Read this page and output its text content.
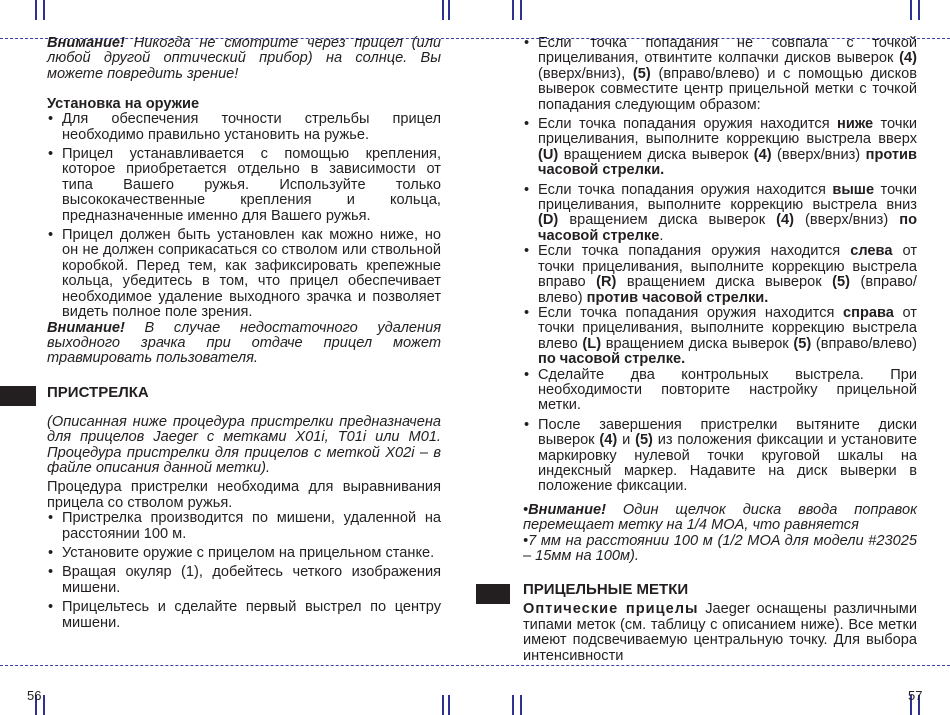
Внимание! Никогда не смотрите через прицел (или любой другой оптический прибор) на солнце. Вы можете повредить зрение!

Установка на оружие

• Для обеспечения точности стрельбы прицел необходимо правильно установить на ружье.

• Прицел устанавливается с помощью крепления, которое приобретается отдельно в зависимости от типа Вашего ружья. Используйте только высококачественные крепления и кольца, предназначенные именно для Вашего ружья.

• Прицел должен быть установлен как можно ниже, но он не должен соприкасаться со стволом или ствольной коробкой. Перед тем, как зафиксировать крепежные кольца, убедитесь в том, что прицел обеспечивает необходимое удаление выходного зрачка и позволяет видеть полное поле зрения.

Внимание! В случае недостаточного удаления выходного зрачка при отдаче прицел может травмировать пользователя.

ПРИСТРЕЛКА

(Описанная ниже процедура пристрелки предназначена для прицелов Jaeger с метками X01i, T01i или M01. Процедура пристрелки для прицелов с меткой X02i – в файле описания данной метки).

Процедура пристрелки необходима для выравнивания прицела со стволом ружья.

• Пристрелка производится по мишени, удаленной на расстоянии 100 м.

• Установите оружие с прицелом на прицельном станке.

• Вращая окуляр (1), добейтесь четкого изображения мишени.

• Прицельтесь и сделайте первый выстрел по центру мишени.

• Если точка попадания не совпала с точкой прицеливания, отвинтите колпачки дисков выверок (4) (вверх/вниз), (5) (вправо/влево) и с помощью дисков выверок совместите центр прицельной метки с точкой попадания следующим образом:

• Если точка попадания оружия находится ниже точки прицеливания, выполните коррекцию выстрела вверх (U) вращением диска выверок (4) (вверх/вниз) против часовой стрелки.

• Если точка попадания оружия находится выше точки прицеливания, выполните коррекцию выстрела вниз (D) вращением диска выверок (4) (вверх/вниз) по часовой стрелке.

• Если точка попадания оружия находится слева от точки прицеливания, выполните коррекцию выстрела вправо (R) вращением диска выверок (5) (вправо/влево) против часовой стрелки.

• Если точка попадания оружия находится справа от точки прицеливания, выполните коррекцию выстрела влево (L) вращением диска выверок (5) (вправо/влево) по часовой стрелке.

• Сделайте два контрольных выстрела. При необходимости повторите настройку прицельной метки.

• После завершения пристрелки вытяните диски выверок (4) и (5) из положения фиксации и установите маркировку нулевой точки круговой шкалы на индексный маркер. Надавите на диск выверки в положение фиксации.

•Внимание! Один щелчок диска ввода поправок перемещает метку на 1/4 MOA, что равняется

•7 мм на расстоянии 100 м (1/2 MOA для модели #23025 – 15мм на 100м).

ПРИЦЕЛЬНЫЕ МЕТКИ

Оптические прицелы Jaeger оснащены различными типами меток (см. таблицу с описанием ниже). Все метки имеют подсвечиваемую центральную точку. Для выбора интенсивности

56	57
